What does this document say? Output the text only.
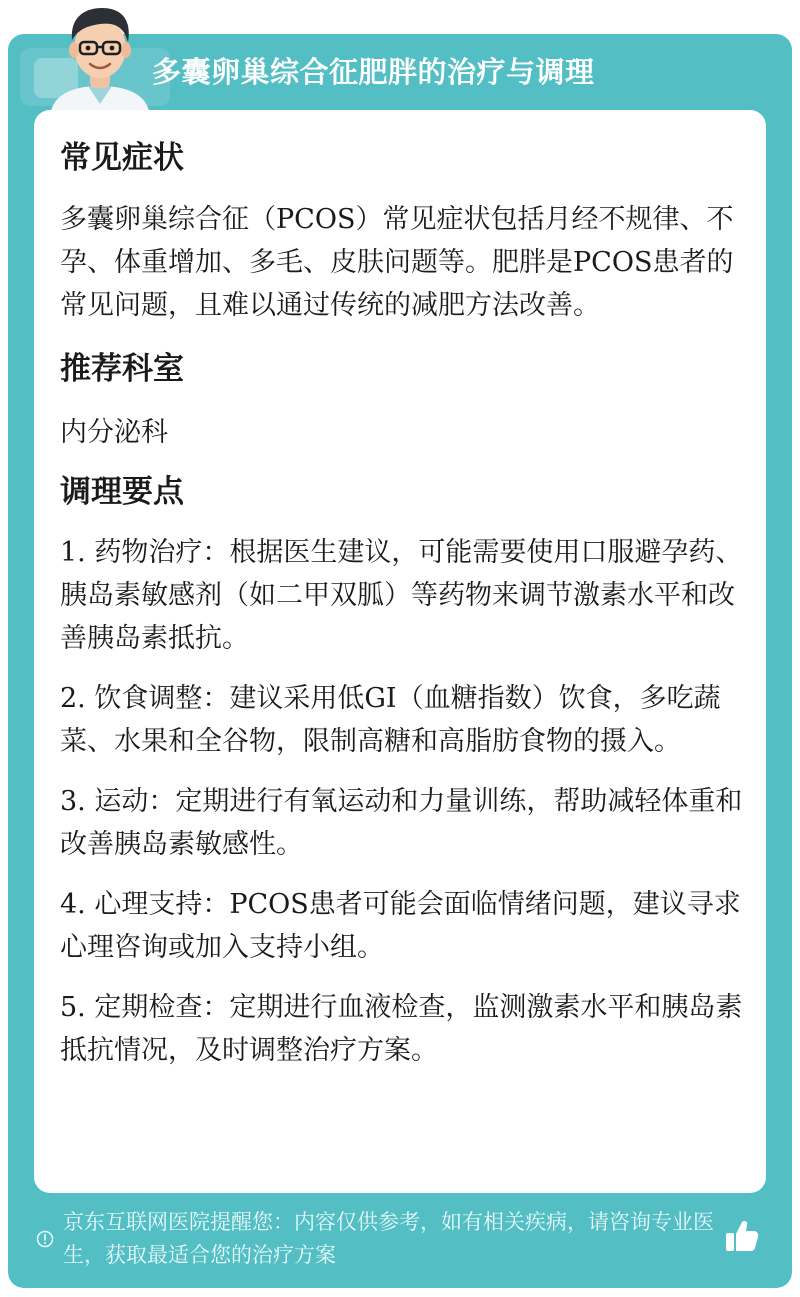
多囊卵巢综合征肥胖的治疗与调理
常见症状

多囊卵巢综合征（PCOS）常见症状包括月经不规律、不孕、体重增加、多毛、皮肤问题等。肥胖是PCOS患者的常见问题，且难以通过传统的减肥方法改善。

推荐科室

内分泌科

调理要点

1. 药物治疗：根据医生建议，可能需要使用口服避孕药、胰岛素敏感剂（如二甲双胍）等药物来调节激素水平和改善胰岛素抵抗。

2. 饮食调整：建议采用低GI（血糖指数）饮食，多吃蔬菜、水果和全谷物，限制高糖和高脂肪食物的摄入。

3. 运动：定期进行有氧运动和力量训练，帮助减轻体重和改善胰岛素敏感性。

4. 心理支持：PCOS患者可能会面临情绪问题，建议寻求心理咨询或加入支持小组。

5. 定期检查：定期进行血液检查，监测激素水平和胰岛素抵抗情况，及时调整治疗方案。

京东互联网医院提醒您：内容仅供参考，如有相关疾病，请咨询专业医生，获取最适合您的治疗方案
